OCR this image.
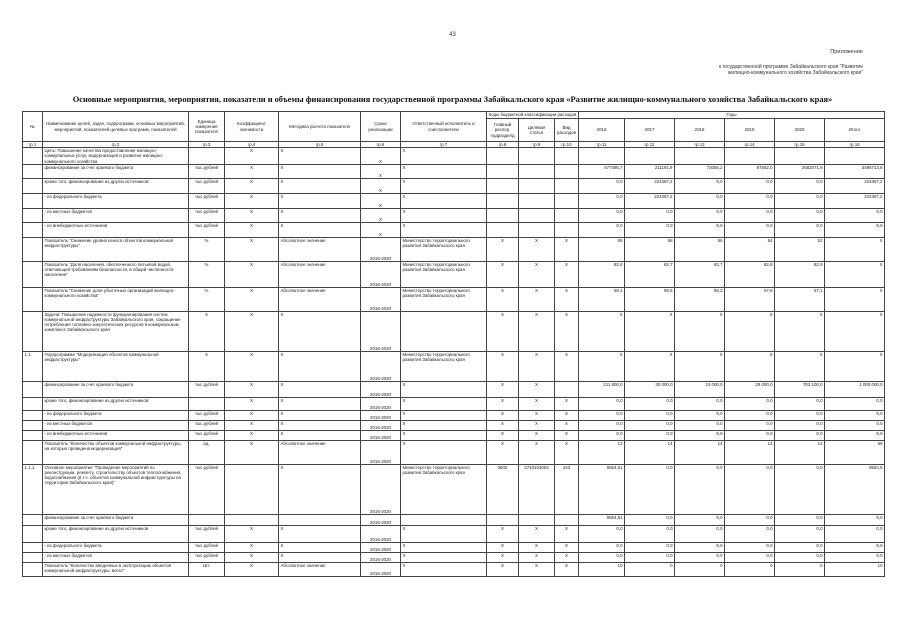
43
Приложение
к государственной программе Забайкальского края "Развитие
жилищно-коммунального хозяйства Забайкальского края"
Основные мероприятия, мероприятия, показатели и объемы финансирования государственной программы Забайкальского края «Развитие жилищно-коммунального хозяйства Забайкальского края»
№	Наименование целей, задач, подпрограмм, основных мероприятий, мероприятий, показателей целевых программ, показателей	Единица измерения показателя	Коэффициент значимости	Методика расчета показателя	Сроки реализации	Ответственный исполнитель и соисполнители	Коды бюджетной классификации расходов			Годы					
							Главный распор. подразделд	Целевая статья	Вид расходов	2016	2017	2018	2019	2020	Итого
гр.1	гр.2	гр.3	гр.4	гр.5	гр.6	гр.7	гр.8	гр.9	гр.10	гр.11	гр.12	гр.13	гр.14	гр.15	гр.16
	Цель: Повышение качества предоставления жилищно-коммунальных услуг, модернизация и развитие жилищно-коммунального хозяйства		X	X	X	X									
	финансирование за счет краевого бюджета	тыс.рублей	X	X	X	X				677495,7	211191,9	72056,2	87582,0	2582071,9	3496713,8
	кроме того, финансирование из других источников:	тыс.рублей	X	X	X	X				0,0	224387,2	0,0	0,0	0,0	224387,2
	- из федерального бюджета	тыс.рублей	X	X	X	X				0,0	224387,2	0,0	0,0	0,0	224387,2
	- из местных бюджетов	тыс.рублей	X	X	X	X				0,0	0,0	0,0	0,0	0,0	0,0
	- из внебюджетных источников	тыс.рублей	X	X	X	X				0,0	0,0	0,0	0,0	0,0	0,0
	Показатель "Снижение уровня износа объектов коммунальной инфраструктуры"	%	X	Абсолютное значение	2016-2020	Министерство территориального развития Забайкальского края	X	X	X	59	58	56	54	52	X
	Показатель "Доля населения, обеспеченного питьевой водой, отвечающей требованиям безопасности, в общей численности населения"	%	X	Абсолютное значение	2016-2020	Министерство территориального развития Забайкальского края	X	X	X	82,6	82,7	82,7	82,8	82,9	X
	Показатель "Снижение доли убыточных организаций жилищно-коммунального хозяйства"	%	X	Абсолютное значение	2016-2020	Министерство территориального развития Забайкальского края	X	X	X	59,1	58,6	58,3	57,8	57,1	X
	Задача: Повышение надежности функционирования систем коммунальной инфраструктуры Забайкальского края, сокращение потребления топливно-энергетических ресурсов в коммунальном комплексе Забайкальского края	X	X	X	2016-2020		X	X	X	X	X	X	X	X	X
1.1.	Подпрограмма "Модернизация объектов коммунальной инфраструктуры"	X	X	X	2016-2020	Министерство территориального развития Забайкальского края	X	X	X	X	X	X	X	X	X
	финансирование за счет краевого бюджета	тыс.рублей	X	X	2016-2020	X	X	X		211 800,0	30 000,0	24 000,0	29 000,0	702 100,0	1 000 000,0
	кроме того, финансирование из других источников:		X	X	2016-2020	X	X	X	X	0,0	0,0	0,0	0,0	0,0	0,0
	- из федерального бюджета	тыс.рублей	X	X	2016-2020	X	X	X	X	0,0	0,0	0,0	0,0	0,0	0,0
	- из местных бюджетов	тыс.рублей	X	X	2016-2020	X	X	X	X	0,0	0,0	0,0	0,0	0,0	0,0
	- из внебюджетных источников	тыс.рублей	X	X	2016-2020	X	X	X	X	0,0	0,0	0,0	0,0	0,0	0,0
	Показатель "Количество объектов коммунальной инфраструктуры, на которых проведена модернизация"	ед.	X	Абсолютное значение	2016-2020	X	X	X	X	13	14	14	14	14	69
1.1.1.	Основное мероприятие "Проведение мероприятий по реконструкции, ремонту, строительству объектов теплоснабжения, водоснабжения (в т.ч. объектов коммунальной инфраструктуры на территории Забайкальского края)"	тыс.рублей		X	2016-2020	Министерство территориального развития Забайкальского края	0502	2710104004	243	9554,51	0,0	0,0	0,0	0,0	9554,5
	финансирование за счет краевого бюджета				2016-2020					9554,51	0,0	0,0	0,0	0,0	0,0
	кроме того, финансирование из других источников	тыс.рублей	X	X	2016-2020	X	X	X	X	0,0	0,0	0,0	0,0	0,0	0,0
	- из федерального бюджета	тыс.рублей	X	X	2016-2020	X	X	X	X	0,0	0,0	0,0	0,0	0,0	0,0
	- из местных бюджетов	тыс.рублей	X	X	2016-2020	X	X	X	X	0,0	0,0	0,0	0,0	0,0	0,0
	Показатель "Количество введенных в эксплуатацию объектов коммунальной инфраструктуры, всего"	Шт.	X	Абсолютное значение	2016-2020	X	X	X	X	10	0	0	0	0	10
